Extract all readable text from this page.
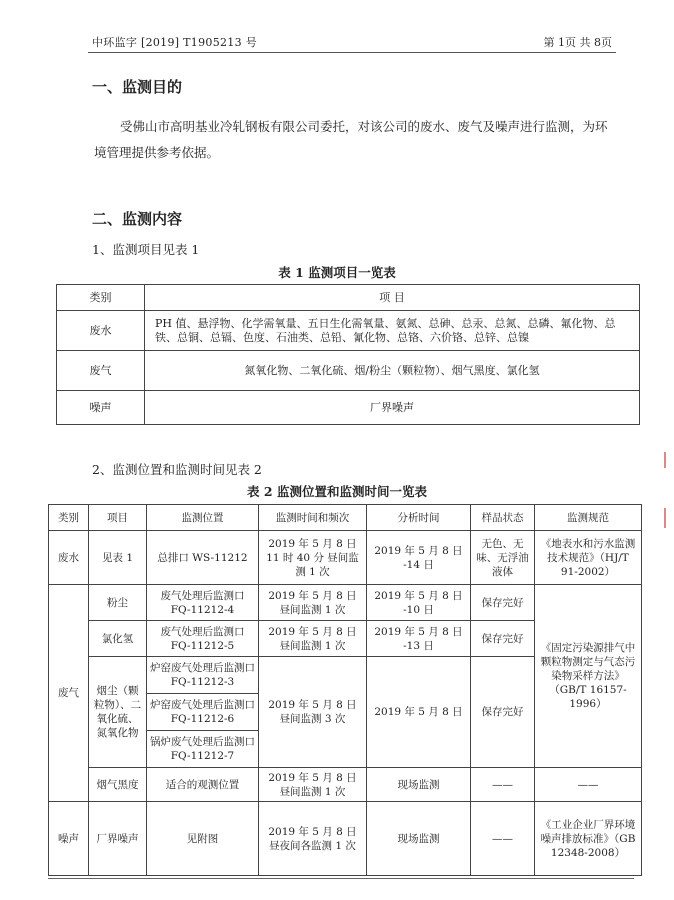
中环监字 [2019] T1905213 号	第 1页 共 8页
一、监测目的
受佛山市高明基业冷轧钢板有限公司委托，对该公司的废水、废气及噪声进行监测，为环境管理提供参考依据。
二、监测内容
1、监测项目见表 1
表 1 监测项目一览表
类别	项 目
废水	PH 值、悬浮物、化学需氧量、五日生化需氧量、氨氮、总砷、总汞、总氮、总磷、氟化物、总铁、总铜、总镉、色度、石油类、总铅、氰化物、总铬、六价铬、总锌、总镍
废气	氮氧化物、二氧化硫、烟/粉尘（颗粒物）、烟气黑度、氯化氢
噪声	厂界噪声
2、监测位置和监测时间见表 2
表 2 监测位置和监测时间一览表
类别	项目	监测位置	监测时间和频次	分析时间	样品状态	监测规范
废水	见表 1	总排口 WS-11212	2019 年 5 月 8 日 11 时 40 分 昼间监测 1 次	2019 年 5 月 8 日 -14 日	无色、无味、无浮油液体	《地表水和污水监测技术规范》（HJ/T 91-2002）
废气	粉尘	废气处理后监测口 FQ-11212-4	2019 年 5 月 8 日 昼间监测 1 次	2019 年 5 月 8 日 -10 日	保存完好	《固定污染源排气中颗粒物测定与气态污染物采样方法》（GB/T 16157-1996）
	氯化氢	废气处理后监测口 FQ-11212-5	2019 年 5 月 8 日 昼间监测 1 次	2019 年 5 月 8 日 -13 日	保存完好	
	烟尘（颗粒物）、二氧化硫、氮氧化物	炉窑废气处理后监测口 FQ-11212-3	2019 年 5 月 8 日 昼间监测 3 次	2019 年 5 月 8 日	保存完好	
		炉窑废气处理后监测口 FQ-11212-6				
		锅炉废气处理后监测口 FQ-11212-7				
	烟气黑度	适合的观测位置	2019 年 5 月 8 日 昼间监测 1 次	现场监测	——	——
噪声	厂界噪声	见附图	2019 年 5 月 8 日 昼夜间各监测 1 次	现场监测	——	《工业企业厂界环境噪声排放标准》（GB 12348-2008）
